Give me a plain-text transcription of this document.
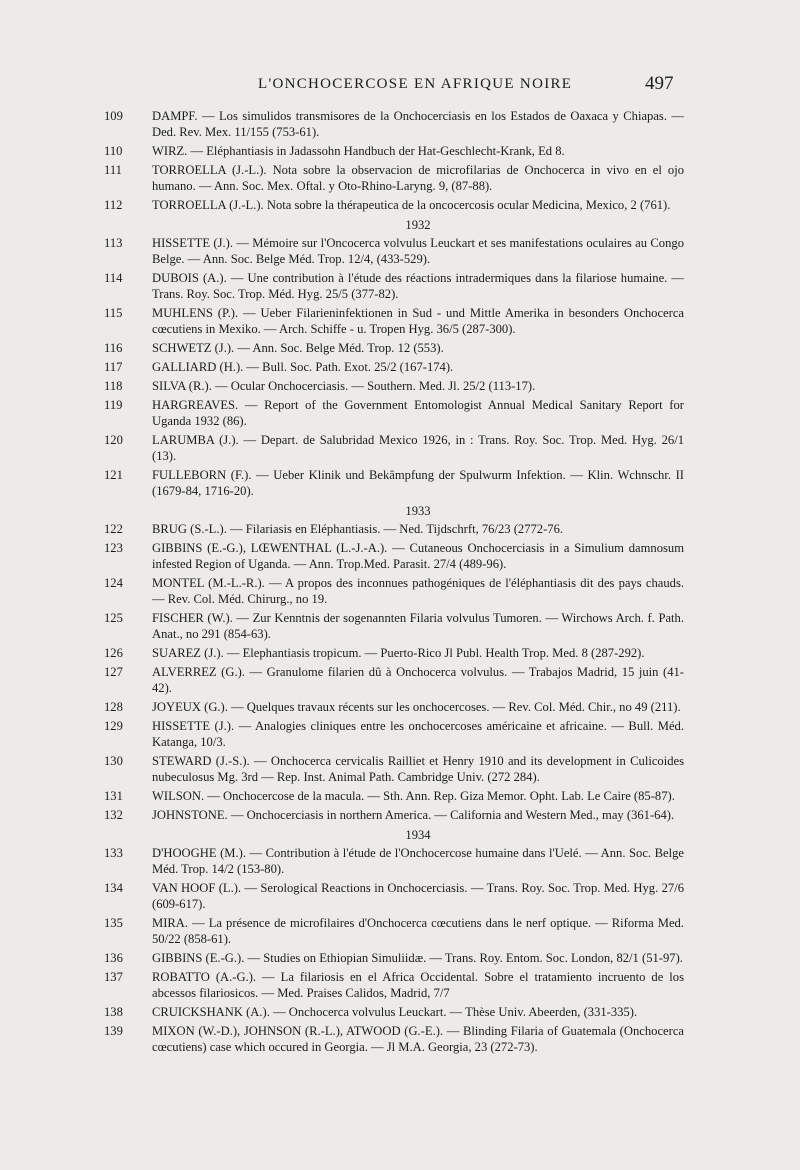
L'ONCHOCERCOSE EN AFRIQUE NOIRE	497
109 DAMPF. — Los simulidos transmisores de la Onchocerciasis en los Estados de Oaxaca y Chiapas. — Ded. Rev. Mex. 11/155 (753-61).
110 WIRZ. — Eléphantiasis in Jadassohn Handbuch der Hat-Geschlecht-Krank, Ed 8.
111 TORROELLA (J.-L.). Nota sobre la observacion de microfilarias de Onchocerca in vivo en el ojo humano. — Ann. Soc. Mex. Oftal. y Oto-Rhino-Laryng. 9, (87-88).
112 TORROELLA (J.-L.). Nota sobre la thérapeutica de la oncocercosis ocular Medicina, Mexico, 2 (761).
1932
113 HISSETTE (J.). — Mémoire sur l'Oncocerca volvulus Leuckart et ses manifestations oculaires au Congo Belge. — Ann. Soc. Belge Méd. Trop. 12/4, (433-529).
114 DUBOIS (A.). — Une contribution à l'étude des réactions intradermiques dans la filariose humaine. — Trans. Roy. Soc. Trop. Méd. Hyg. 25/5 (377-82).
115 MUHLENS (P.). — Ueber Filarieninfektionen in Sud - und Mittle Amerika in besonders Onchocerca cœcutiens in Mexiko. — Arch. Schiffe - u. Tropen Hyg. 36/5 (287-300).
116 SCHWETZ (J.). — Ann. Soc. Belge Méd. Trop. 12 (553).
117 GALLIARD (H.). — Bull. Soc. Path. Exot. 25/2 (167-174).
118 SILVA (R.). — Ocular Onchocerciasis. — Southern. Med. Jl. 25/2 (113-17).
119 HARGREAVES. — Report of the Government Entomologist Annual Medical Sanitary Report for Uganda 1932 (86).
120 LARUMBA (J.). — Depart. de Salubridad Mexico 1926, in : Trans. Roy. Soc. Trop. Med. Hyg. 26/1 (13).
121 FULLEBORN (F.). — Ueber Klinik und Bekâmpfung der Spulwurm Infektion. — Klin. Wchnschr. II (1679-84, 1716-20).
1933
122 BRUG (S.-L.). — Filariasis en Eléphantiasis. — Ned. Tijdschrft, 76/23 (2772-76.
123 GIBBINS (E.-G.), LŒWENTHAL (L.-J.-A.). — Cutaneous Onchocerciasis in a Simulium damnosum infested Region of Uganda. — Ann. Trop.Med. Parasit. 27/4 (489-96).
124 MONTEL (M.-L.-R.). — A propos des inconnues pathogéniques de l'éléphantiasis dit des pays chauds. — Rev. Col. Méd. Chirurg., no 19.
125 FISCHER (W.). — Zur Kenntnis der sogenannten Filaria volvulus Tumoren. — Wirchows Arch. f. Path. Anat., no 291 (854-63).
126 SUAREZ (J.). — Elephantiasis tropicum. — Puerto-Rico Jl Publ. Health Trop. Med. 8 (287-292).
127 ALVERREZ (G.). — Granulome filarien dû à Onchocerca volvulus. — Trabajos Madrid, 15 juin (41-42).
128 JOYEUX (G.). — Quelques travaux récents sur les onchocercoses. — Rev. Col. Méd. Chir., no 49 (211).
129 HISSETTE (J.). — Analogies cliniques entre les onchocercoses américaine et africaine. — Bull. Méd. Katanga, 10/3.
130 STEWARD (J.-S.). — Onchocerca cervicalis Railliet et Henry 1910 and its development in Culicoides nubeculosus Mg. 3rd — Rep. Inst. Animal Path. Cambridge Univ. (272 284).
131 WILSON. — Onchocercose de la macula. — Sth. Ann. Rep. Giza Memor. Opht. Lab. Le Caire (85-87).
132 JOHNSTONE. — Onchocerciasis in northern America. — California and Western Med., may (361-64).
1934
133 D'HOOGHE (M.). — Contribution à l'étude de l'Onchocercose humaine dans l'Uelé. — Ann. Soc. Belge Méd. Trop. 14/2 (153-80).
134 VAN HOOF (L.). — Serological Reactions in Onchocerciasis. — Trans. Roy. Soc. Trop. Med. Hyg. 27/6 (609-617).
135 MIRA. — La présence de microfilaires d'Onchocerca cœcutiens dans le nerf optique. — Riforma Med. 50/22 (858-61).
136 GIBBINS (E.-G.). — Studies on Ethiopian Simuliidæ. — Trans. Roy. Entom. Soc. London, 82/1 (51-97).
137 ROBATTO (A.-G.). — La filariosis en el Africa Occidental. Sobre el tratamiento incruento de los abcessos filariosicos. — Med. Praises Calidos, Madrid, 7/7
138 CRUICKSHANK (A.). — Onchocerca volvulus Leuckart. — Thèse Univ. Abeerden, (331-335).
139 MIXON (W.-D.), JOHNSON (R.-L.), ATWOOD (G.-E.). — Blinding Filaria of Guatemala (Onchocerca cœcutiens) case which occured in Georgia. — Jl M.A. Georgia, 23 (272-73).
